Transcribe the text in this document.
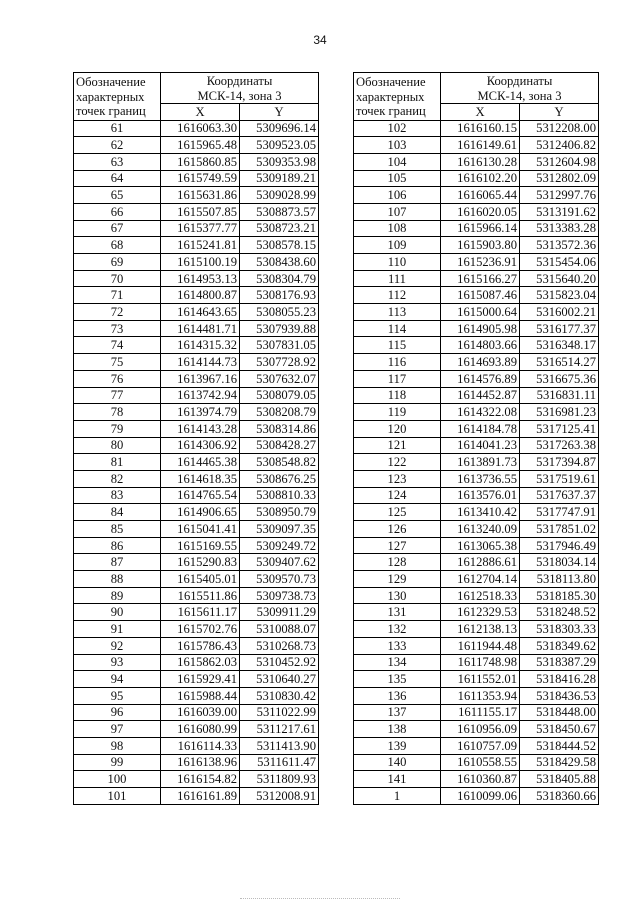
34
Обозначение
характерных
точек границ	Координаты
МСК-14, зона 3	
	X	Y
61	1616063.30	5309696.14
62	1615965.48	5309523.05
63	1615860.85	5309353.98
64	1615749.59	5309189.21
65	1615631.86	5309028.99
66	1615507.85	5308873.57
67	1615377.77	5308723.21
68	1615241.81	5308578.15
69	1615100.19	5308438.60
70	1614953.13	5308304.79
71	1614800.87	5308176.93
72	1614643.65	5308055.23
73	1614481.71	5307939.88
74	1614315.32	5307831.05
75	1614144.73	5307728.92
76	1613967.16	5307632.07
77	1613742.94	5308079.05
78	1613974.79	5308208.79
79	1614143.28	5308314.86
80	1614306.92	5308428.27
81	1614465.38	5308548.82
82	1614618.35	5308676.25
83	1614765.54	5308810.33
84	1614906.65	5308950.79
85	1615041.41	5309097.35
86	1615169.55	5309249.72
87	1615290.83	5309407.62
88	1615405.01	5309570.73
89	1615511.86	5309738.73
90	1615611.17	5309911.29
91	1615702.76	5310088.07
92	1615786.43	5310268.73
93	1615862.03	5310452.92
94	1615929.41	5310640.27
95	1615988.44	5310830.42
96	1616039.00	5311022.99
97	1616080.99	5311217.61
98	1616114.33	5311413.90
99	1616138.96	5311611.47
100	1616154.82	5311809.93
101	1616161.89	5312008.91
Обозначение
характерных
точек границ	Координаты
МСК-14, зона 3	
	X	Y
102	1616160.15	5312208.00
103	1616149.61	5312406.82
104	1616130.28	5312604.98
105	1616102.20	5312802.09
106	1616065.44	5312997.76
107	1616020.05	5313191.62
108	1615966.14	5313383.28
109	1615903.80	5313572.36
110	1615236.91	5315454.06
111	1615166.27	5315640.20
112	1615087.46	5315823.04
113	1615000.64	5316002.21
114	1614905.98	5316177.37
115	1614803.66	5316348.17
116	1614693.89	5316514.27
117	1614576.89	5316675.36
118	1614452.87	5316831.11
119	1614322.08	5316981.23
120	1614184.78	5317125.41
121	1614041.23	5317263.38
122	1613891.73	5317394.87
123	1613736.55	5317519.61
124	1613576.01	5317637.37
125	1613410.42	5317747.91
126	1613240.09	5317851.02
127	1613065.38	5317946.49
128	1612886.61	5318034.14
129	1612704.14	5318113.80
130	1612518.33	5318185.30
131	1612329.53	5318248.52
132	1612138.13	5318303.33
133	1611944.48	5318349.62
134	1611748.98	5318387.29
135	1611552.01	5318416.28
136	1611353.94	5318436.53
137	1611155.17	5318448.00
138	1610956.09	5318450.67
139	1610757.09	5318444.52
140	1610558.55	5318429.58
141	1610360.87	5318405.88
1	1610099.06	5318360.66
